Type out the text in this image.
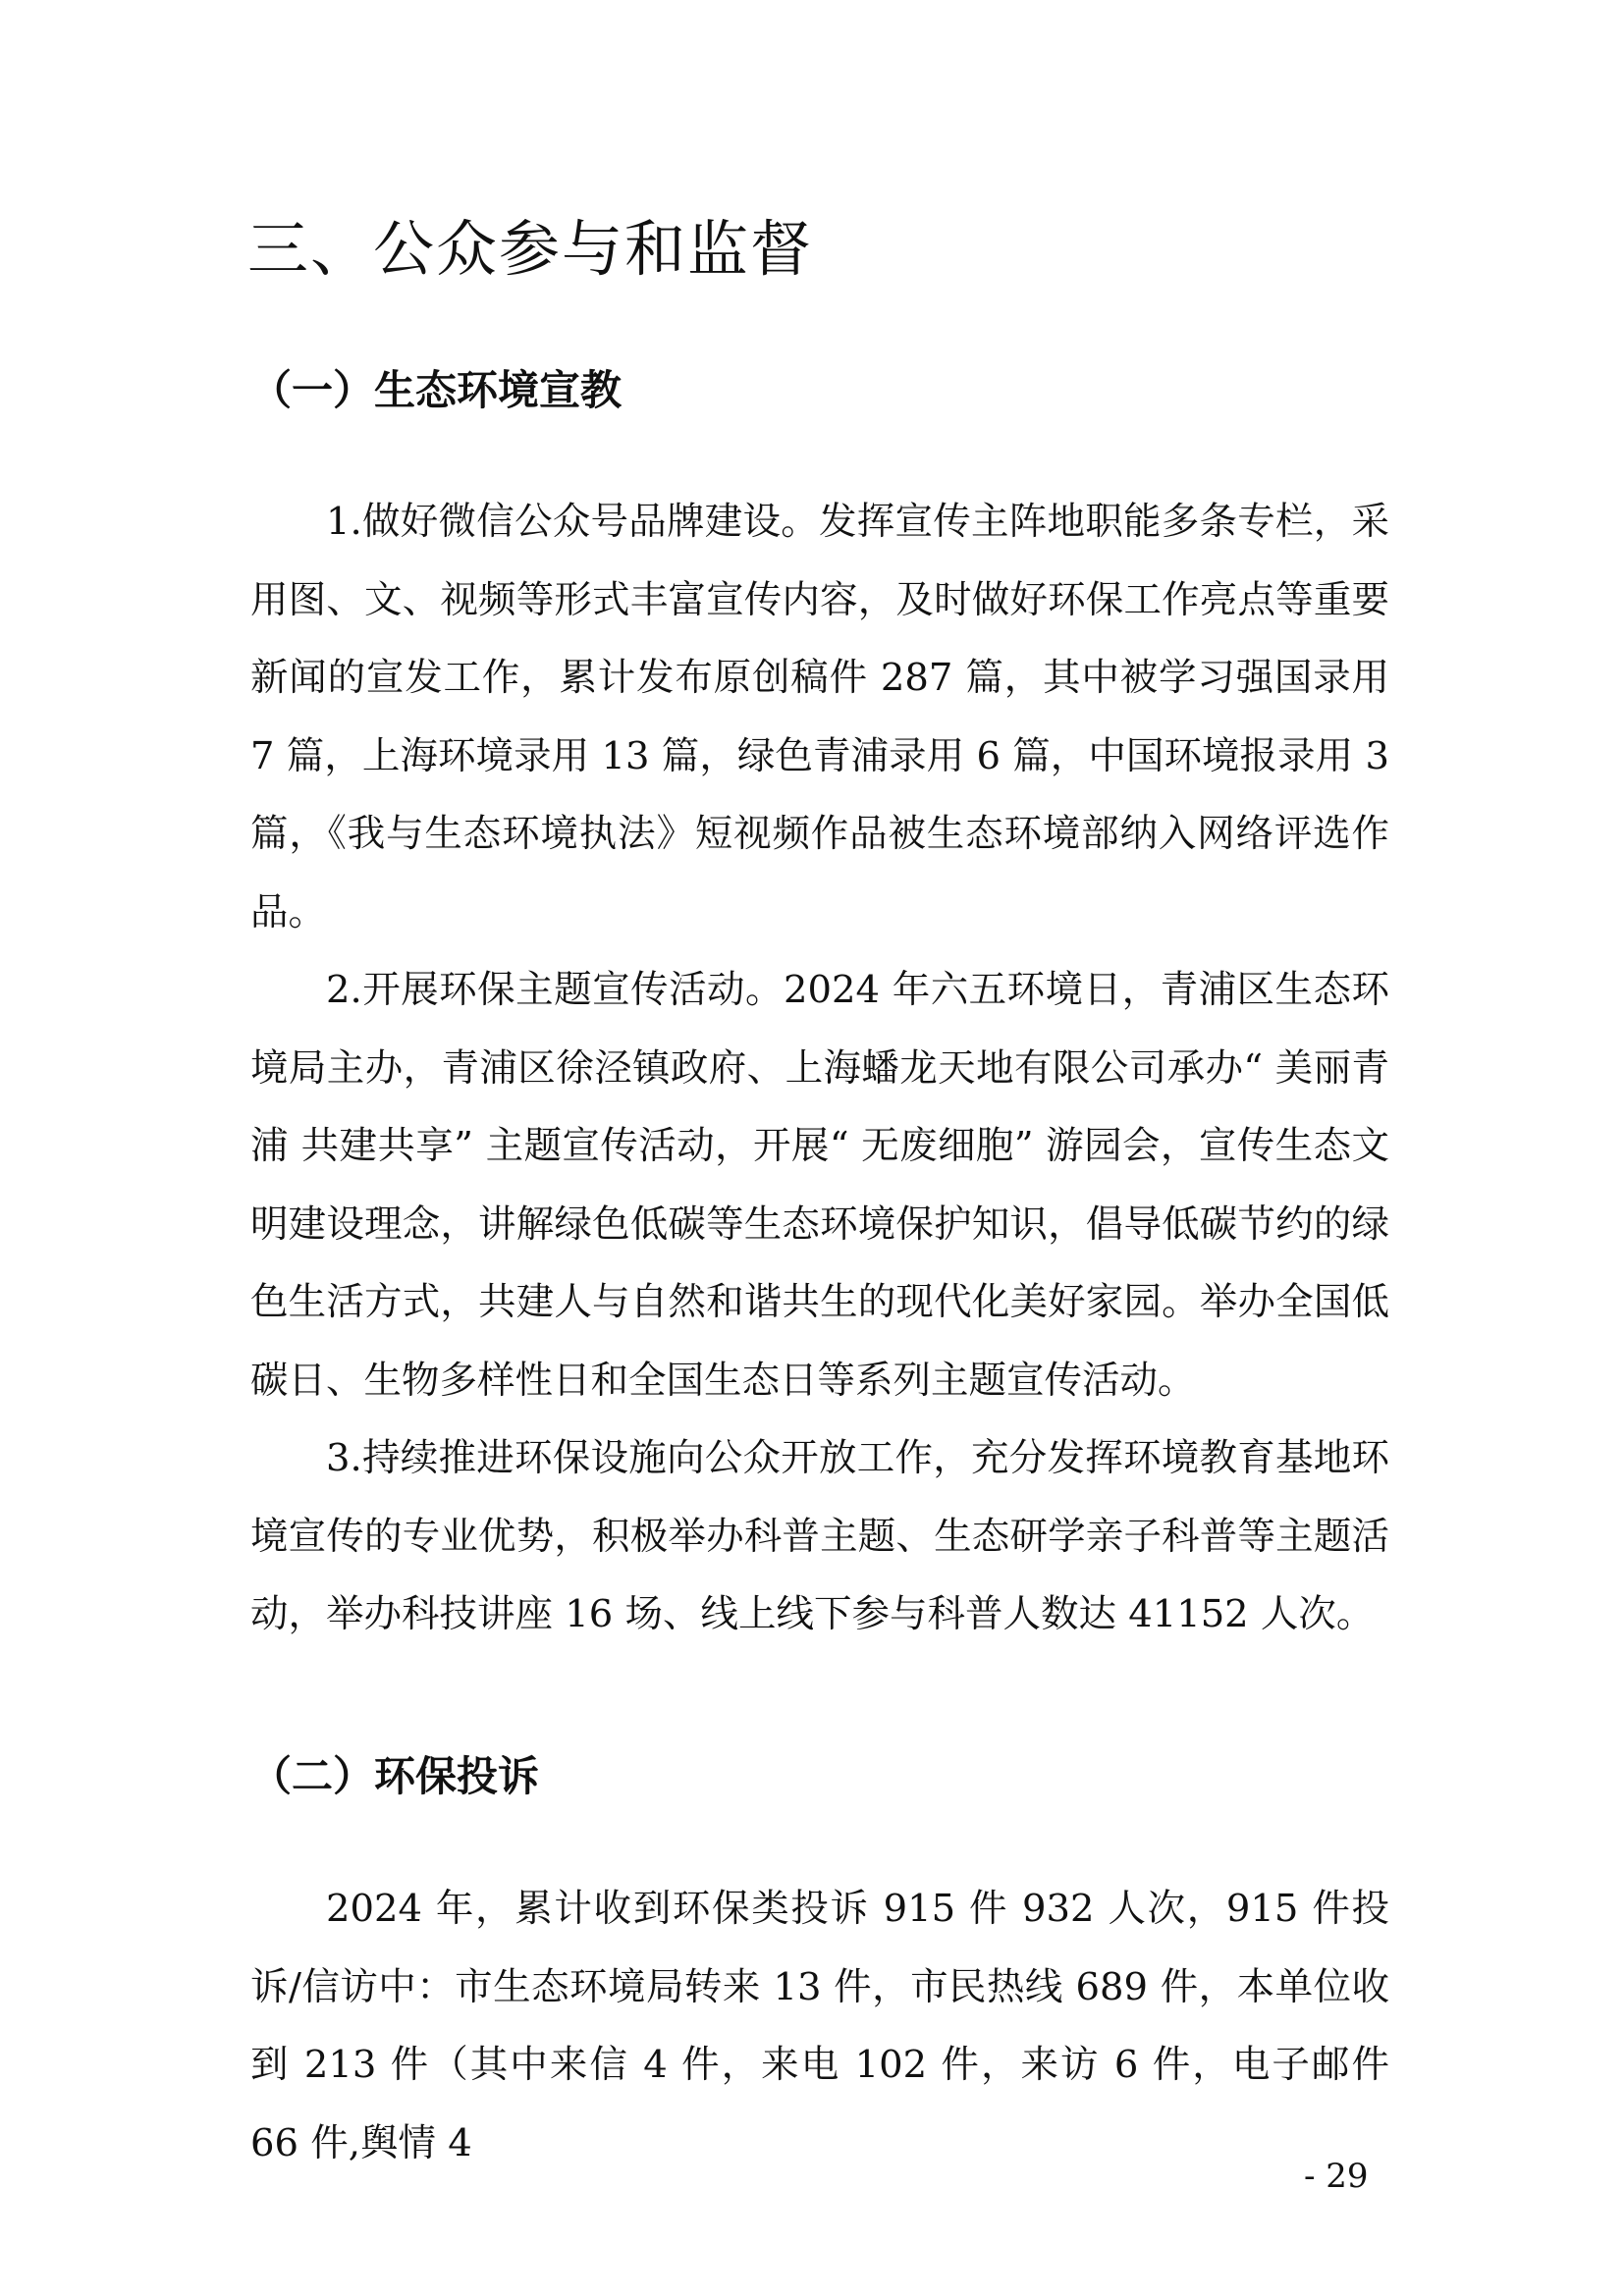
三、公众参与和监督
（一）生态环境宣教

1.做好微信公众号品牌建设。发挥宣传主阵地职能多条专栏，采用图、文、视频等形式丰富宣传内容，及时做好环保工作亮点等重要新闻的宣发工作，累计发布原创稿件 287 篇，其中被学习强国录用 7 篇，上海环境录用 13 篇，绿色青浦录用 6 篇，中国环境报录用 3 篇，《我与生态环境执法》短视频作品被生态环境部纳入网络评选作品。

2.开展环保主题宣传活动。2024 年六五环境日，青浦区生态环境局主办，青浦区徐泾镇政府、上海蟠龙天地有限公司承办“ 美丽青浦 共建共享” 主题宣传活动，开展“ 无废细胞” 游园会，宣传生态文明建设理念，讲解绿色低碳等生态环境保护知识，倡导低碳节约的绿色生活方式，共建人与自然和谐共生的现代化美好家园。举办全国低碳日、生物多样性日和全国生态日等系列主题宣传活动。

3.持续推进环保设施向公众开放工作，充分发挥环境教育基地环境宣传的专业优势，积极举办科普主题、生态研学亲子科普等主题活动，举办科技讲座 16 场、线上线下参与科普人数达 41152 人次。

（二）环保投诉

2024 年，累计收到环保类投诉 915 件 932 人次，915 件投诉/信访中：市生态环境局转来 13 件，市民热线 689 件，本单位收到 213 件（其中来信 4 件，来电 102 件，来访 6 件，电子邮件 66 件,舆情 4

- 29
